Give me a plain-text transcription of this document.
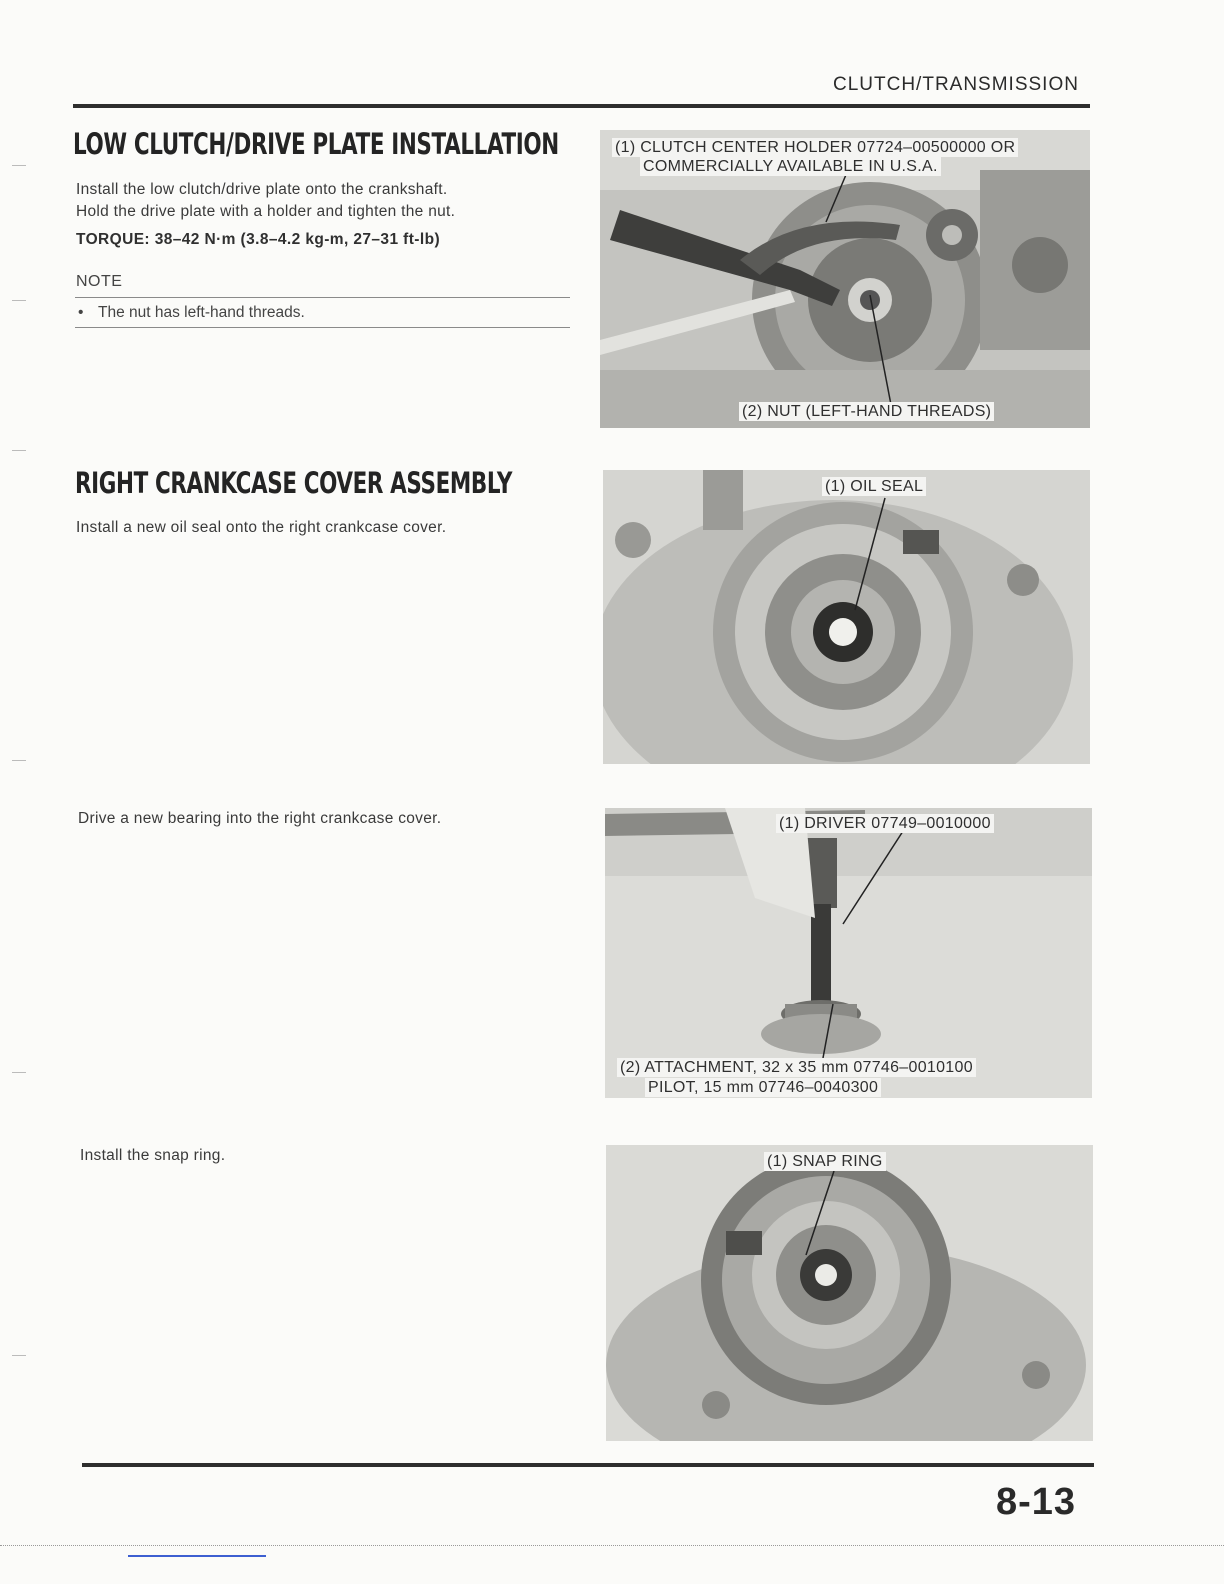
CLUTCH/TRANSMISSION
LOW CLUTCH/DRIVE PLATE INSTALLATION
Install the low clutch/drive plate onto the crankshaft.
Hold the drive plate with a holder and tighten the nut.
TORQUE: 38–42 N·m (3.8–4.2 kg-m, 27–31 ft-lb)
NOTE
• The nut has left-hand threads.
(1) CLUTCH CENTER HOLDER 07724–00500000 OR
COMMERCIALLY AVAILABLE IN U.S.A.
(2) NUT (LEFT-HAND THREADS)
RIGHT CRANKCASE COVER ASSEMBLY
Install a new oil seal onto the right crankcase cover.
(1) OIL SEAL
Drive a new bearing into the right crankcase cover.	(1) DRIVER 07749–0010000
(2) ATTACHMENT, 32 x 35 mm 07746–0010100
PILOT, 15 mm 07746–0040300
Install the snap ring.	(1) SNAP RING
8-13
